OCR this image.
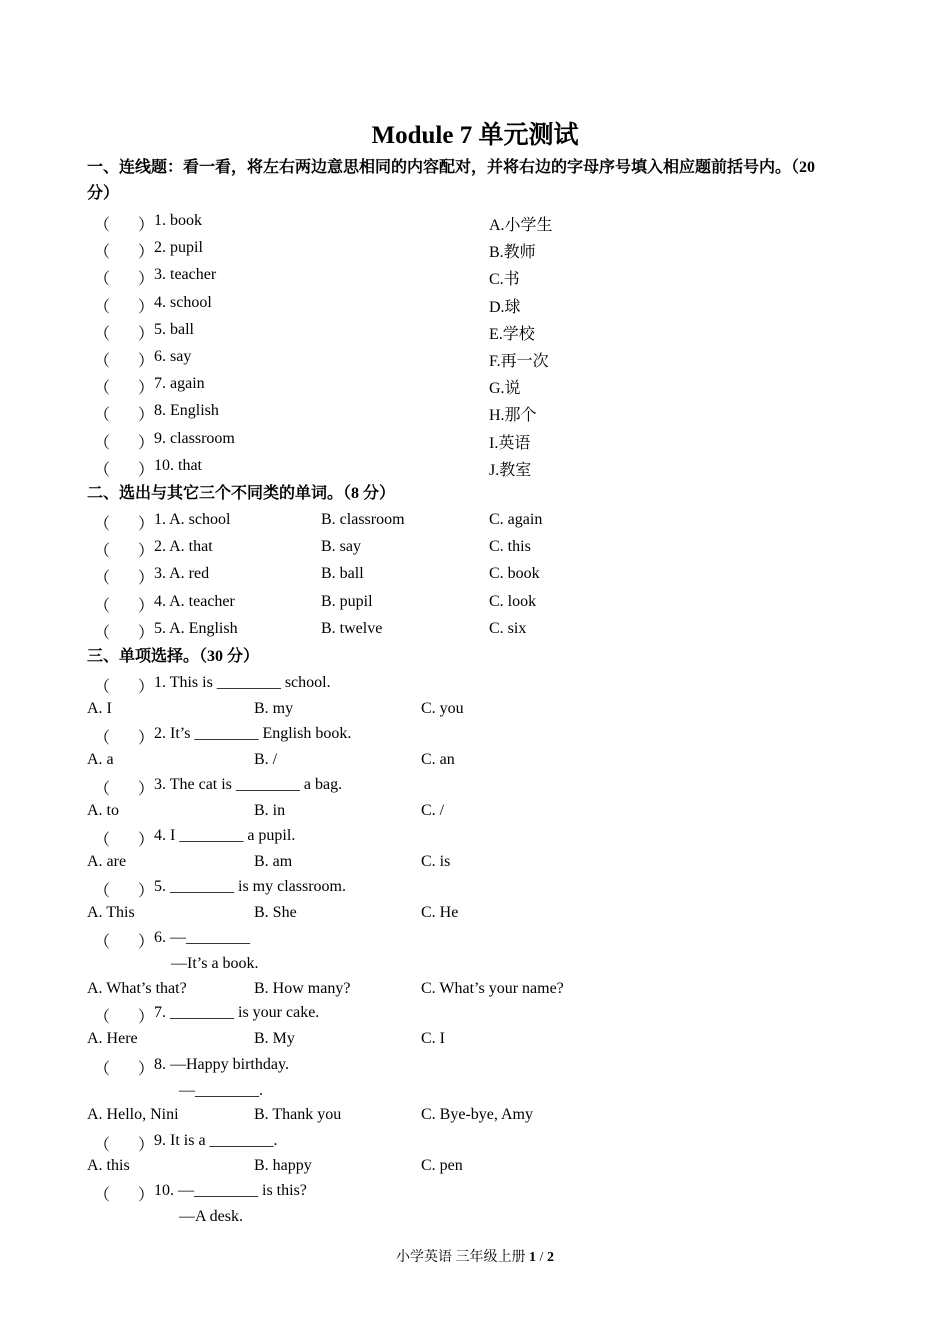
Module 7 单元测试
一、连线题：看一看，将左右两边意思相同的内容配对，并将右边的字母序号填入相应题前括号内。（20
分）
（ ） 1. book	A.小学生
（ ） 2. pupil	B.教师
（ ） 3. teacher	C.书
（ ） 4. school	D.球
（ ） 5. ball	E.学校
（ ） 6. say	F.再一次
（ ） 7. again	G.说
（ ） 8. English	H.那个
（ ） 9. classroom	I.英语
（ ） 10. that	J.教室
二、选出与其它三个不同类的单词。（8 分）
（ ） 1. A. school	B. classroom	C. again
（ ） 2. A. that	B. say	C. this
（ ） 3. A. red	B. ball	C. book
（ ） 4. A. teacher	B. pupil	C. look
（ ） 5. A. English	B. twelve	C. six
三、单项选择。（30 分）
（ ） 1. This is ________ school.
A. I	B. my	C. you
（ ） 2. It’s ________ English book.
A. a	B. /	C. an
（ ） 3. The cat is ________ a bag.
A. to	B. in	C. /
（ ） 4. I ________ a pupil.
A. are	B. am	C. is
（ ） 5. ________ is my classroom.
A. This	B. She	C. He
（ ） 6. —________
—It’s a book.
A. What’s that?	B. How many?	C. What’s your name?
（ ） 7. ________ is your cake.
A. Here	B. My	C. I
（ ） 8. —Happy birthday.
—________.
A. Hello, Nini	B. Thank you	C. Bye-bye, Amy
（ ） 9. It is a ________.
A. this	B. happy	C. pen
（ ） 10. —________ is this?
—A desk.
小学英语 三年级上册 1 / 2
